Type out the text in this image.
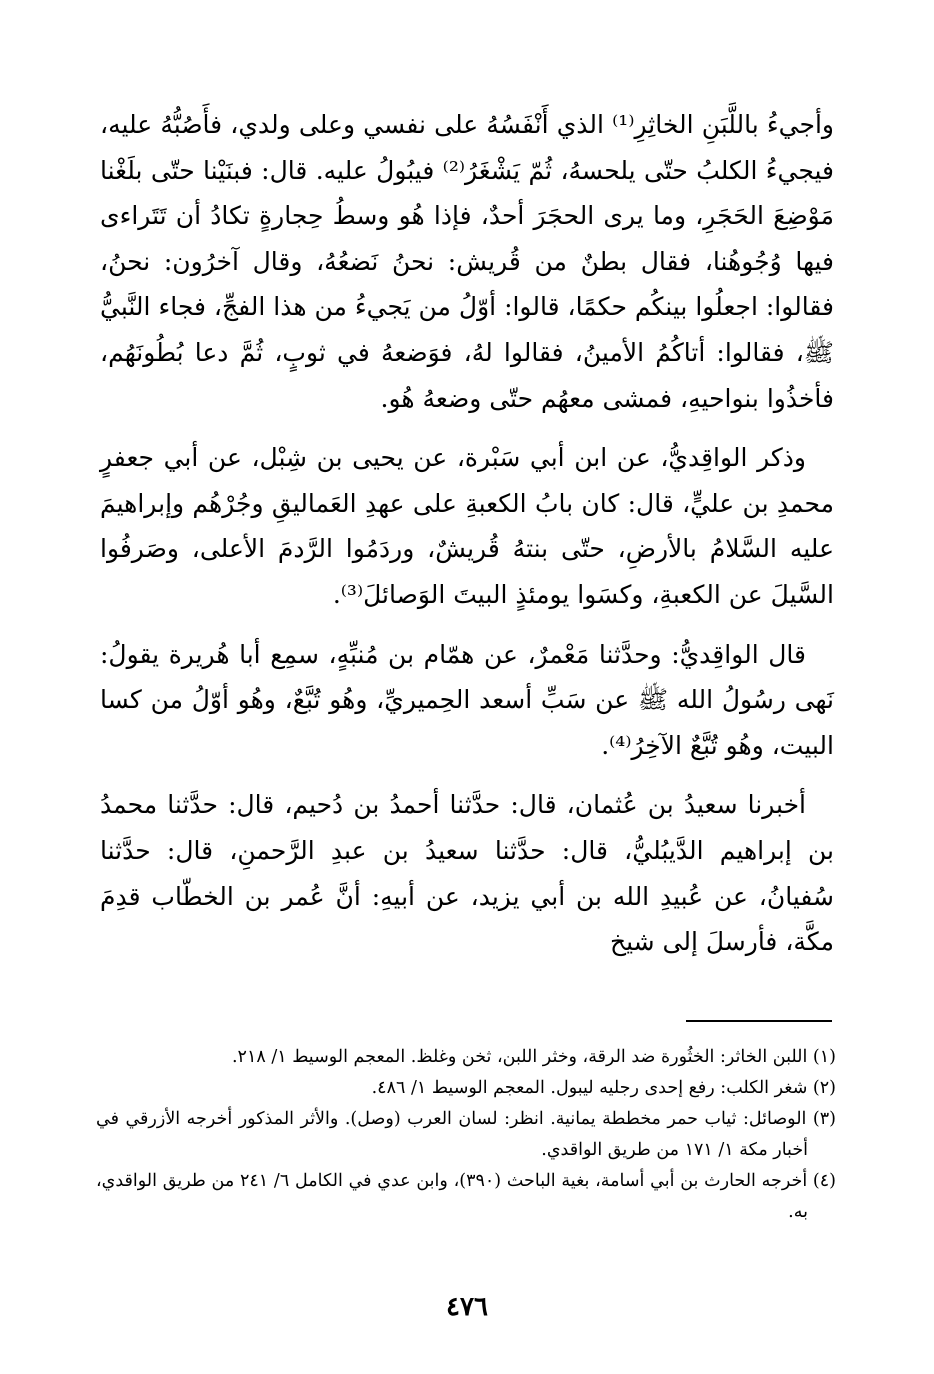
وأجيءُ باللَّبَنِ الخاثِرِ⁽¹⁾ الذي أَنْفَسُهُ على نفسي وعلى ولدي، فأَصُبُّهُ عليه، فيجيءُ الكلبُ حتّى يلحسهُ، ثُمّ يَشْغَرُ⁽²⁾ فيبُولُ عليه. قال: فبنَيْنا حتّى بلَغْنا مَوْضِعَ الحَجَرِ، وما يرى الحجَرَ أحدٌ، فإذا هُو وسطُ حِجارةٍ تكادُ أن تَتَراءى فيها وُجُوهُنا، فقال بطنٌ من قُريش: نحنُ نَضعُهُ، وقال آخرُون: نحنُ، فقالوا: اجعلُوا بينكُم حكمًا، قالوا: أوّلُ من يَجيءُ من هذا الفجِّ، فجاء النَّبيُّ ﷺ، فقالوا: أتاكُمُ الأمينُ، فقالوا لهُ، فوَضعهُ في ثوبٍ، ثُمَّ دعا بُطُونَهُم، فأخذُوا بنواحيهِ، فمشى معهُم حتّى وضعهُ هُو.

وذكر الواقِديُّ، عن ابن أبي سَبْرة، عن يحيى بن شِبْل، عن أبي جعفرٍ محمدِ بن عليٍّ، قال: كان بابُ الكعبةِ على عهدِ العَماليقِ وجُرْهُم وإبراهيمَ عليه السَّلامُ بالأرضِ، حتّى بنتهُ قُريشٌ، وردَمُوا الرَّدمَ الأعلى، وصَرفُوا السَّيلَ عن الكعبةِ، وكسَوا يومئذٍ البيتَ الوَصائلَ⁽³⁾.

قال الواقِديُّ: وحدَّثنا مَعْمرٌ، عن همّام بن مُنبِّهٍ، سمِع أبا هُريرة يقولُ: نَهى رسُولُ الله ﷺ عن سَبِّ أسعد الحِميريِّ، وهُو تُبَّعٌ، وهُو أوّلُ من كسا البيت، وهُو تُبَّعٌ الآخِرُ⁽⁴⁾.

أخبرنا سعيدُ بن عُثمان، قال: حدَّثنا أحمدُ بن دُحيم، قال: حدَّثنا محمدُ بن إبراهيم الدَّيبُليُّ، قال: حدَّثنا سعيدُ بن عبدِ الرَّحمنِ، قال: حدَّثنا سُفيانُ، عن عُبيدِ الله بن أبي يزيد، عن أبيهِ: أنَّ عُمر بن الخطّاب قدِمَ مكَّة، فأرسلَ إلى شيخ

(١) اللبن الخاثر: الخثُورة ضد الرقة، وخثر اللبن، ثخن وغلظ. المعجم الوسيط ١/ ٢١٨.

(٢) شغر الكلب: رفع إحدى رجليه ليبول. المعجم الوسيط ١/ ٤٨٦.

(٣) الوصائل: ثياب حمر مخططة يمانية. انظر: لسان العرب (وصل). والأثر المذكور أخرجه الأزرقي في أخبار مكة ١/ ١٧١ من طريق الواقدي.

(٤) أخرجه الحارث بن أبي أسامة، بغية الباحث (٣٩٠)، وابن عدي في الكامل ٦/ ٢٤١ من طريق الواقدي، به.

٤٧٦
